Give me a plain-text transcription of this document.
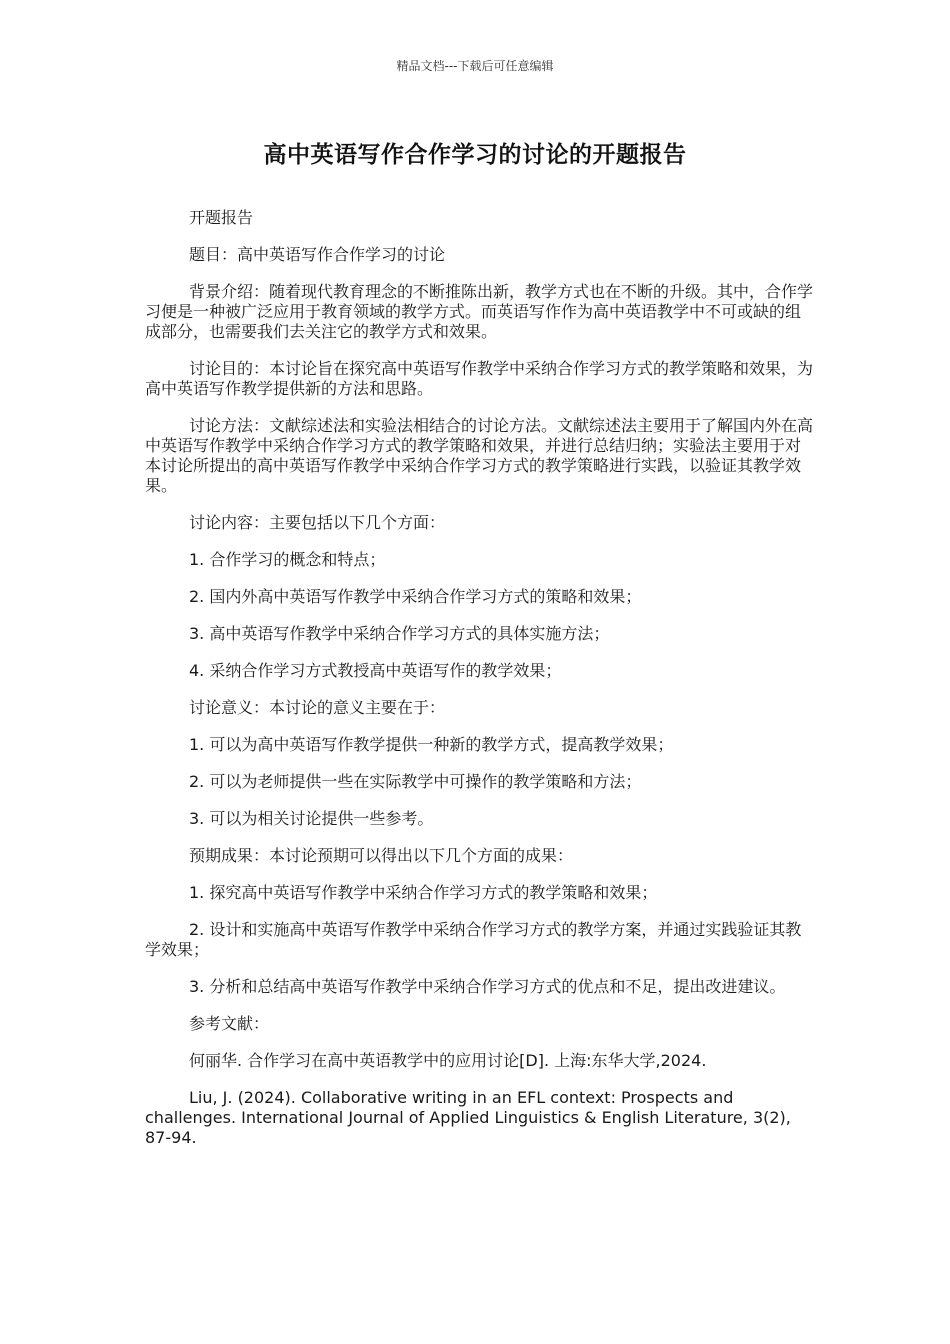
精品文档---下载后可任意编辑
高中英语写作合作学习的讨论的开题报告

开题报告

题目：高中英语写作合作学习的讨论

背景介绍：随着现代教育理念的不断推陈出新，教学方式也在不断的升级。其中，合作学习便是一种被广泛应用于教育领域的教学方式。而英语写作作为高中英语教学中不可或缺的组成部分，也需要我们去关注它的教学方式和效果。

讨论目的：本讨论旨在探究高中英语写作教学中采纳合作学习方式的教学策略和效果，为高中英语写作教学提供新的方法和思路。

讨论方法：文献综述法和实验法相结合的讨论方法。文献综述法主要用于了解国内外在高中英语写作教学中采纳合作学习方式的教学策略和效果，并进行总结归纳；实验法主要用于对本讨论所提出的高中英语写作教学中采纳合作学习方式的教学策略进行实践，以验证其教学效果。

讨论内容：主要包括以下几个方面：

1. 合作学习的概念和特点；

2. 国内外高中英语写作教学中采纳合作学习方式的策略和效果；

3. 高中英语写作教学中采纳合作学习方式的具体实施方法；

4. 采纳合作学习方式教授高中英语写作的教学效果；

讨论意义：本讨论的意义主要在于：

1. 可以为高中英语写作教学提供一种新的教学方式，提高教学效果；

2. 可以为老师提供一些在实际教学中可操作的教学策略和方法；

3. 可以为相关讨论提供一些参考。

预期成果：本讨论预期可以得出以下几个方面的成果：

1. 探究高中英语写作教学中采纳合作学习方式的教学策略和效果；

2. 设计和实施高中英语写作教学中采纳合作学习方式的教学方案，并通过实践验证其教学效果；

3. 分析和总结高中英语写作教学中采纳合作学习方式的优点和不足，提出改进建议。

参考文献：

何丽华. 合作学习在高中英语教学中的应用讨论[D]. 上海:东华大学,2024.

Liu, J. (2024). Collaborative writing in an EFL context: Prospects and challenges. International Journal of Applied Linguistics & English Literature, 3(2), 87-94.
